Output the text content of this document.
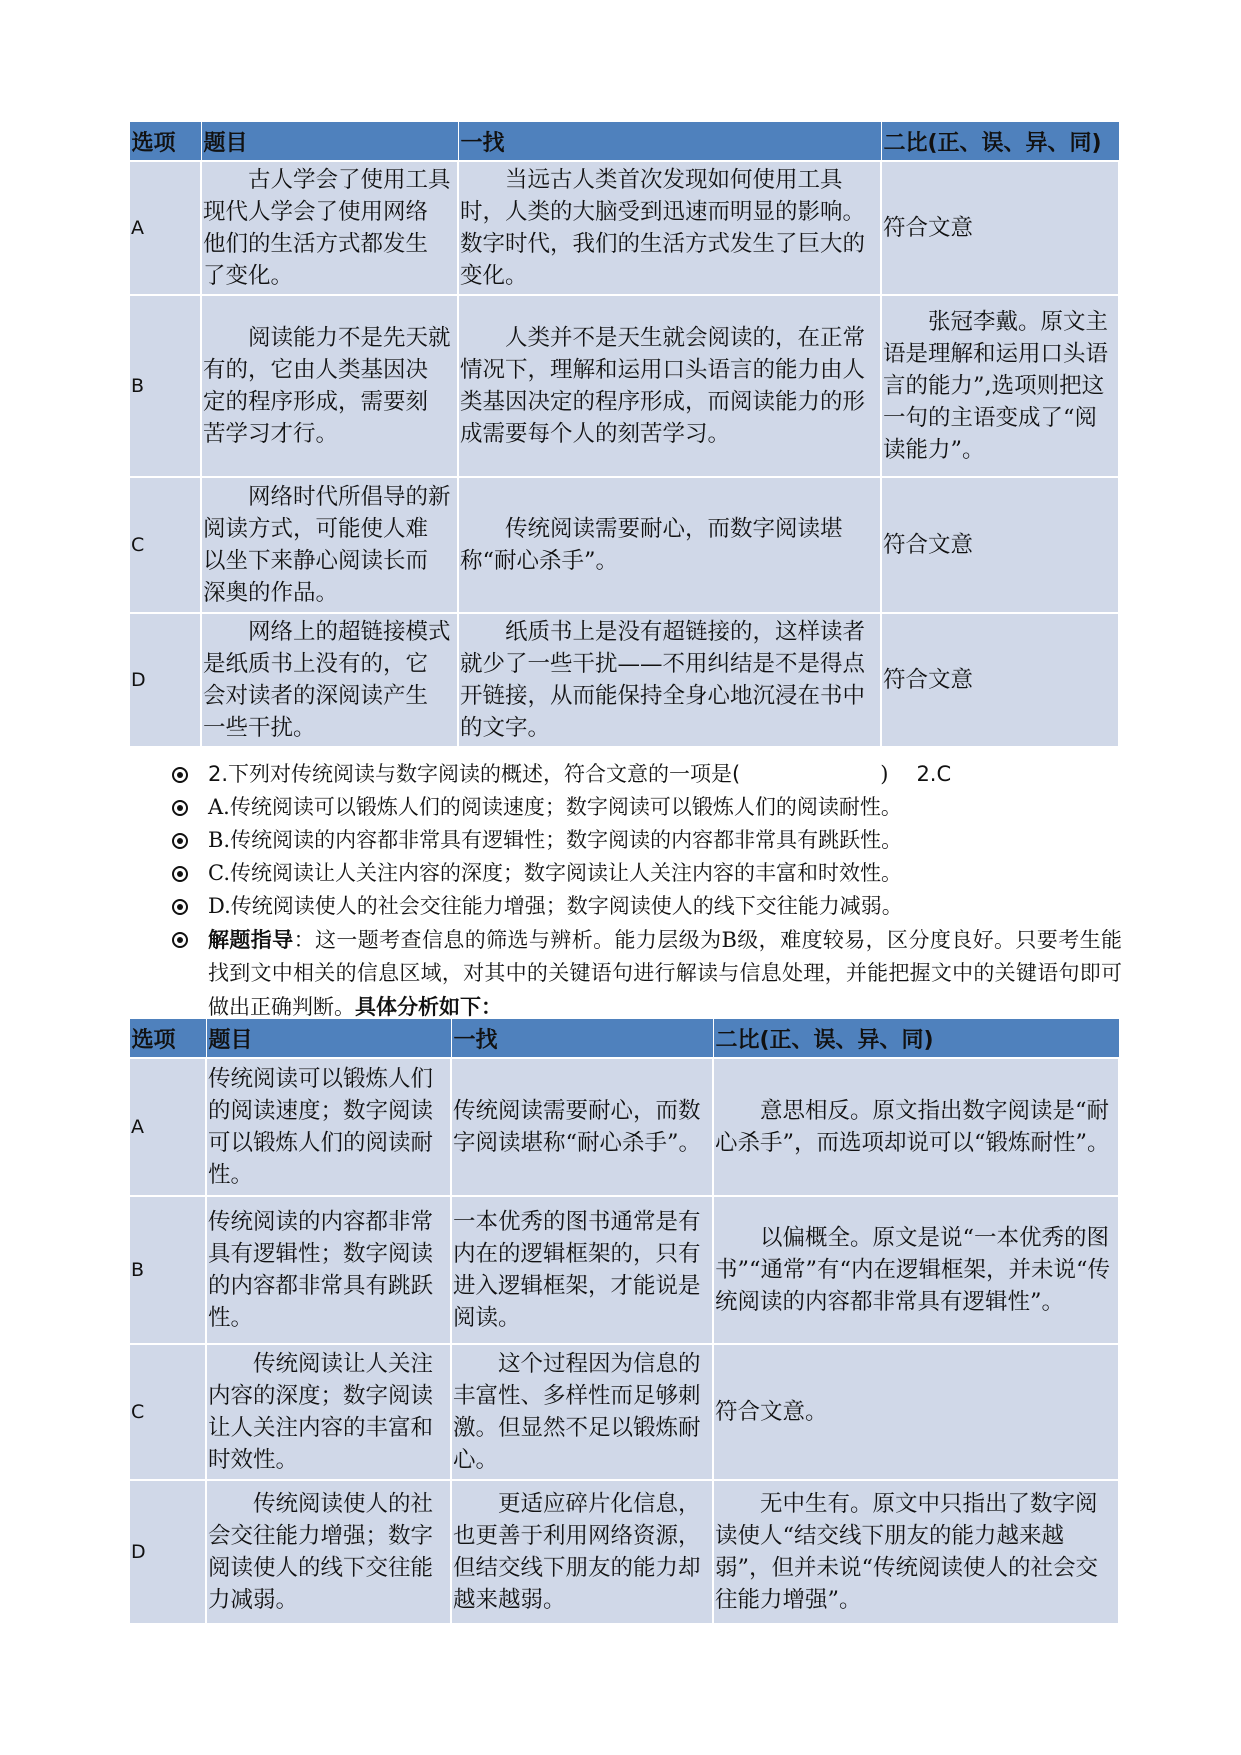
选项	题目	一找	二比(正、误、异、同)
A	古人学会了使用工具
现代人学会了使用网络
他们的生活方式都发生
了变化。	当远古人类首次发现如何使用工具时，人类的大脑受到迅速而明显的影响。数字时代，我们的生活方式发生了巨大的变化。	符合文意
B	阅读能力不是先天就
有的，它由人类基因决
定的程序形成，需要刻
苦学习才行。	人类并不是天生就会阅读的，在正常情况下，理解和运用口头语言的能力由人类基因决定的程序形成，而阅读能力的形成需要每个人的刻苦学习。	张冠李戴。原文主语是理解和运用口头语言的能力”,选项则把这一句的主语变成了“阅读能力”。

C	网络时代所倡导的新
阅读方式，可能使人难
以坐下来静心阅读长而
深奥的作品。	传统阅读需要耐心，而数字阅读堪称“耐心杀手”。	符合文意
D	网络上的超链接模式
是纸质书上没有的，它
会对读者的深阅读产生
一些干扰。	纸质书上是没有超链接的，这样读者就少了一些干扰——不用纠结是不是得点开链接，从而能保持全身心地沉浸在书中的文字。	符合文意
2.下列对传统阅读与数字阅读的概述，符合文意的一项是(	) 2.C
A.传统阅读可以锻炼人们的阅读速度；数字阅读可以锻炼人们的阅读耐性。
B.传统阅读的内容都非常具有逻辑性；数字阅读的内容都非常具有跳跃性。
C.传统阅读让人关注内容的深度；数字阅读让人关注内容的丰富和时效性。
D.传统阅读使人的社会交往能力增强；数字阅读使人的线下交往能力减弱。
解题指导：这一题考查信息的筛选与辨析。能力层级为B级，难度较易，区分度良好。只要考生能找到文中相关的信息区域，对其中的关键语句进行解读与信息处理，并能把握文中的关键语句即可做出正确判断。具体分析如下：
选项	题目	一找	二比(正、误、异、同)
A	传统阅读可以锻炼人们的阅读速度；数字阅读可以锻炼人们的阅读耐性。	传统阅读需要耐心，而数字阅读堪称“耐心杀手”。	意思相反。原文指出数字阅读是“耐心杀手”，而选项却说可以“锻炼耐性”。

B	传统阅读的内容都非常具有逻辑性；数字阅读的内容都非常具有跳跃性。	一本优秀的图书通常是有内在的逻辑框架的，只有进入逻辑框架，才能说是阅读。	以偏概全。原文是说“一本优秀的图书”“通常”有“内在逻辑框架，并未说“传统阅读的内容都非常具有逻辑性”。

C	传统阅读让人关注内容的深度；数字阅读让人关注内容的丰富和时效性。	这个过程因为信息的丰富性、多样性而足够刺激。但显然不足以锻炼耐心。	符合文意。
D	传统阅读使人的社会交往能力增强；数字阅读使人的线下交往能力减弱。	更适应碎片化信息，也更善于利用网络资源，但结交线下朋友的能力却越来越弱。	无中生有。原文中只指出了数字阅读使人“结交线下朋友的能力越来越弱”，但并未说“传统阅读使人的社会交往能力增强”。
